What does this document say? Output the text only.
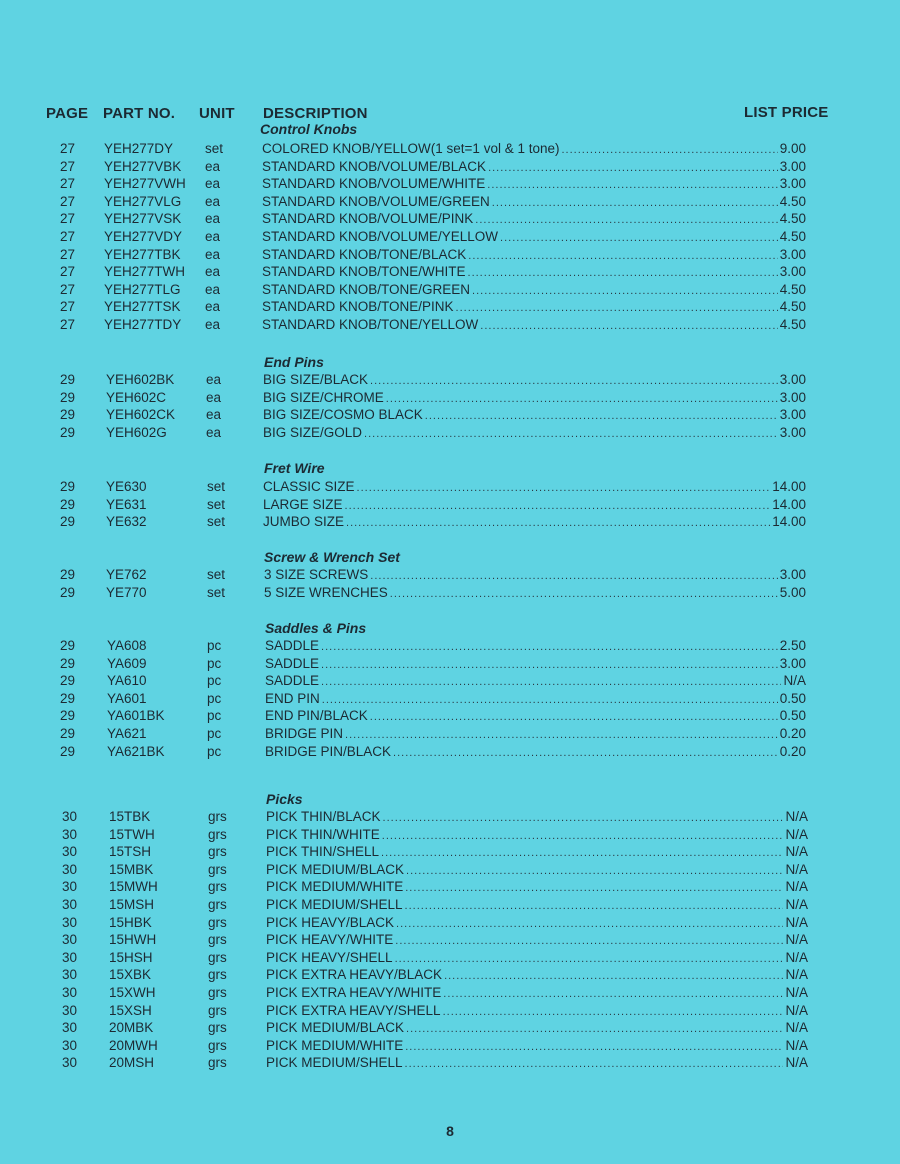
PAGE PART NO. UNIT DESCRIPTION	LIST PRICE
Control Knobs
27 YEH277DY set	COLORED KNOB/YELLOW(1 set=1 vol & 1 tone) .....	9.00
27 YEH277VBK ea	STANDARD KNOB/VOLUME/BLACK .....	3.00
27 YEH277VWH ea	STANDARD KNOB/VOLUME/WHITE .....	3.00
27 YEH277VLG ea	STANDARD KNOB/VOLUME/GREEN .....	4.50
27 YEH277VSK ea	STANDARD KNOB/VOLUME/PINK .....	4.50
27 YEH277VDY ea	STANDARD KNOB/VOLUME/YELLOW .....	4.50
27 YEH277TBK ea	STANDARD KNOB/TONE/BLACK .....	3.00
27 YEH277TWH ea	STANDARD KNOB/TONE/WHITE .....	3.00
27 YEH277TLG ea	STANDARD KNOB/TONE/GREEN .....	4.50
27 YEH277TSK ea	STANDARD KNOB/TONE/PINK .....	4.50
27 YEH277TDY ea	STANDARD KNOB/TONE/YELLOW .....	4.50
End Pins
29 YEH602BK ea	BIG SIZE/BLACK .....	3.00
29 YEH602C	ea	BIG SIZE/CHROME .....	3.00
29 YEH602CK ea	BIG SIZE/COSMO BLACK .....	3.00
29 YEH602G	ea	BIG SIZE/GOLD .....	3.00
Fret Wire
29 YE630	set	CLASSIC SIZE .....	14.00
29 YE631	set	LARGE SIZE .....	14.00
29 YE632	set	JUMBO SIZE .....	14.00
Screw & Wrench Set
29 YE762	set	3 SIZE SCREWS .....	3.00
29 YE770	set	5 SIZE WRENCHES .....	5.00
Saddles & Pins
29 YA608	pc	SADDLE .....	2.50
29 YA609	pc	SADDLE .....	3.00
29 YA610	pc	SADDLE .....	N/A
29 YA601	pc	END PIN .....	0.50
29 YA601BK	pc	END PIN/BLACK .....	0.50
29 YA621	pc	BRIDGE PIN .....	0.20
29 YA621BK	pc	BRIDGE PIN/BLACK .....	0.20
Picks
30 15TBK	grs	PICK THIN/BLACK .....	N/A
30 15TWH	grs	PICK THIN/WHITE .....	N/A
30 15TSH	grs	PICK THIN/SHELL .....	N/A
30 15MBK	grs	PICK MEDIUM/BLACK .....	N/A
30 15MWH	grs	PICK MEDIUM/WHITE .....	N/A
30 15MSH	grs	PICK MEDIUM/SHELL .....	N/A
30 15HBK	grs	PICK HEAVY/BLACK .....	N/A
30 15HWH	grs	PICK HEAVY/WHITE .....	N/A
30 15HSH	grs	PICK HEAVY/SHELL .....	N/A
30 15XBK	grs	PICK EXTRA HEAVY/BLACK .....	N/A
30 15XWH	grs	PICK EXTRA HEAVY/WHITE .....	N/A
30 15XSH	grs	PICK EXTRA HEAVY/SHELL .....	N/A
30 20MBK	grs	PICK MEDIUM/BLACK .....	N/A
30 20MWH	grs	PICK MEDIUM/WHITE .....	N/A
30 20MSH	grs	PICK MEDIUM/SHELL .....	N/A
8
